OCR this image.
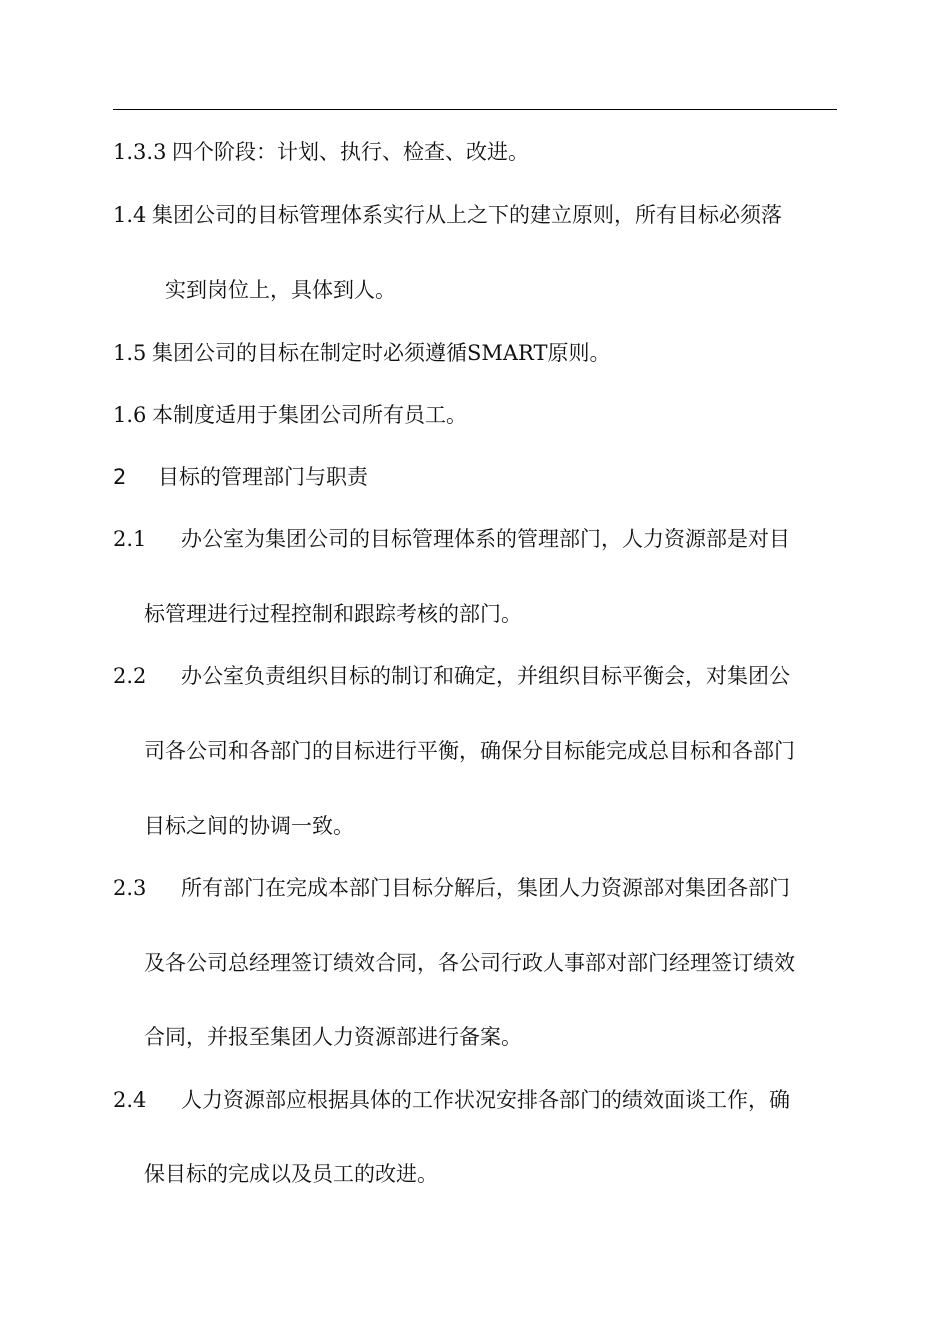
1.3.3 四个阶段：计划、执行、检查、改进。
1.4 集团公司的目标管理体系实行从上之下的建立原则，所有目标必须落
实到岗位上，具体到人。
1.5 集团公司的目标在制定时必须遵循SMART原则。
1.6 本制度适用于集团公司所有员工。
2 目标的管理部门与职责
2.1 办公室为集团公司的目标管理体系的管理部门，人力资源部是对目
标管理进行过程控制和跟踪考核的部门。
2.2 办公室负责组织目标的制订和确定，并组织目标平衡会，对集团公
司各公司和各部门的目标进行平衡，确保分目标能完成总目标和各部门
目标之间的协调一致。
2.3 所有部门在完成本部门目标分解后，集团人力资源部对集团各部门
及各公司总经理签订绩效合同，各公司行政人事部对部门经理签订绩效
合同，并报至集团人力资源部进行备案。
2.4 人力资源部应根据具体的工作状况安排各部门的绩效面谈工作，确
保目标的完成以及员工的改进。
